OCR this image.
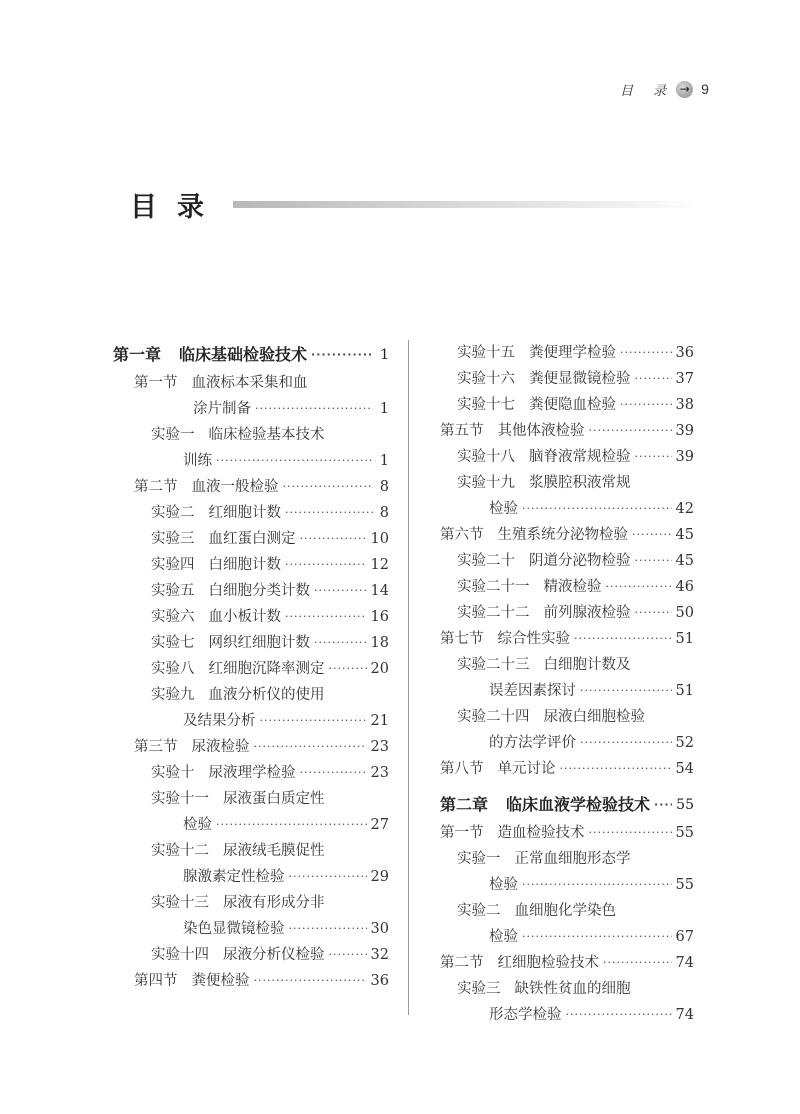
目 录 → 9
目录
第一章 临床基础检验技术 ·····	1
第一节 血液标本采集和血
涂片制备 ·····	1
实验一 临床检验基本技术
训练 ·····	1
第二节 血液一般检验 ·····	8
实验二 红细胞计数 ·····	8
实验三 血红蛋白测定 ·····	10
实验四 白细胞计数 ·····	12
实验五 白细胞分类计数 ·····	14
实验六 血小板计数 ·····	16
实验七 网织红细胞计数 ·····	18
实验八 红细胞沉降率测定 ·····	20
实验九 血液分析仪的使用
及结果分析 ·····	21
第三节 尿液检验 ·····	23
实验十 尿液理学检验 ·····	23
实验十一 尿液蛋白质定性
检验 ·····	27
实验十二 尿液绒毛膜促性
腺激素定性检验 ·····	29
实验十三 尿液有形成分非
染色显微镜检验 ·····	30
实验十四 尿液分析仪检验 ·····	32
第四节 粪便检验 ·····	36
实验十五 粪便理学检验 ·····	36
实验十六 粪便显微镜检验 ·····	37
实验十七 粪便隐血检验 ·····	38
第五节 其他体液检验 ·····	39
实验十八 脑脊液常规检验 ·····	39
实验十九 浆膜腔积液常规
检验 ·····	42
第六节 生殖系统分泌物检验 ·····	45
实验二十 阴道分泌物检验 ·····	45
实验二十一 精液检验 ·····	46
实验二十二 前列腺液检验 ·····	50
第七节 综合性实验 ·····	51
实验二十三 白细胞计数及
误差因素探讨 ·····	51
实验二十四 尿液白细胞检验
的方法学评价 ·····	52
第八节 单元讨论 ·····	54
第二章 临床血液学检验技术 ····· 55
第一节 造血检验技术 ·····	55
实验一 正常血细胞形态学
检验 ·····	55
实验二 血细胞化学染色
检验 ·····	67
第二节 红细胞检验技术 ·····	74
实验三 缺铁性贫血的细胞
形态学检验 ·····	74
